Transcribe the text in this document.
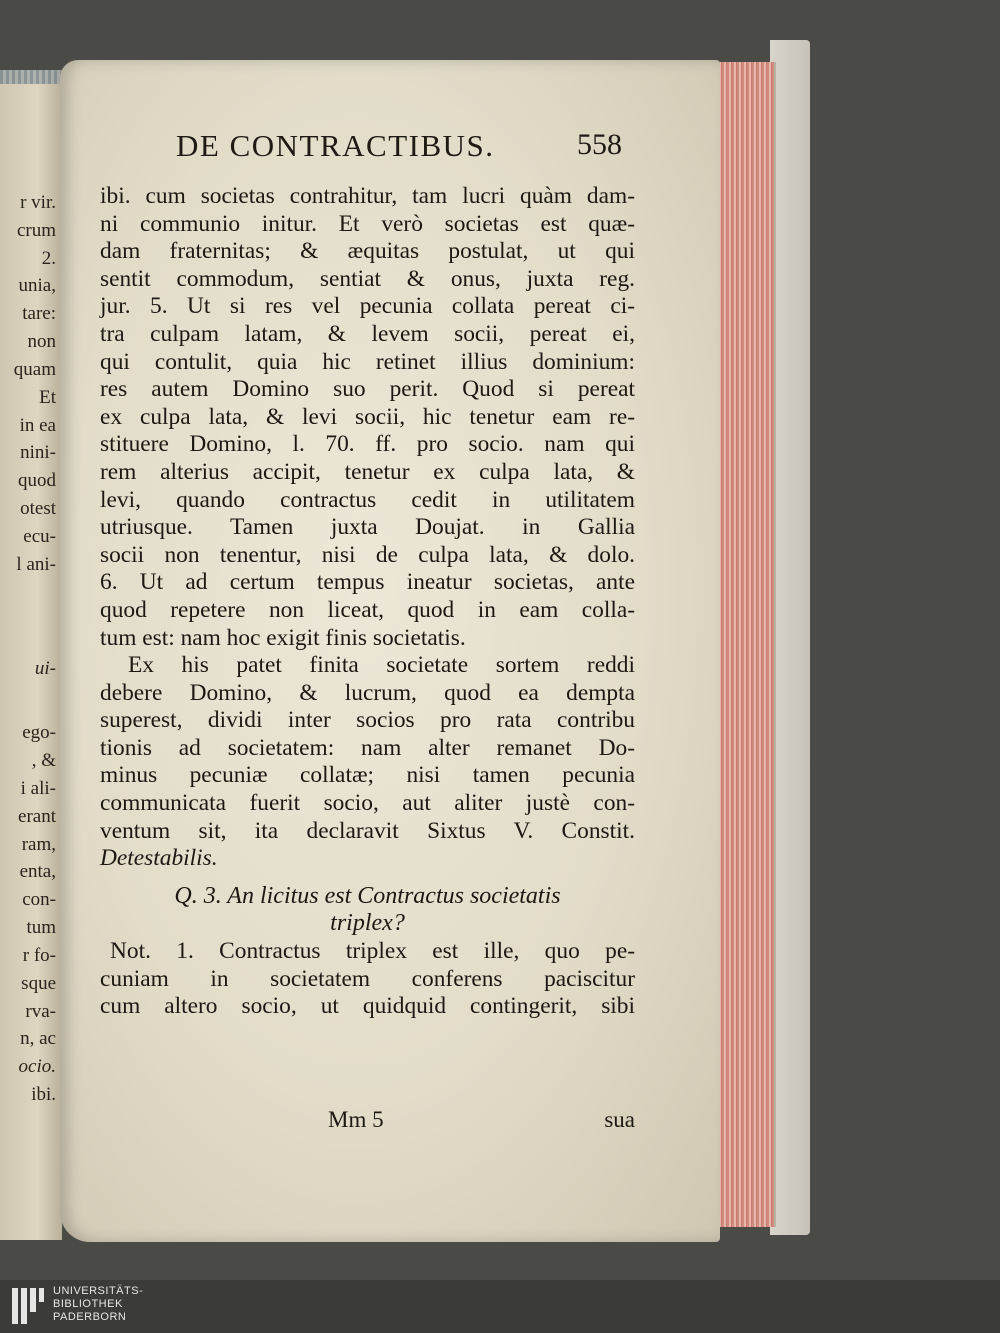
r vir.
crum
2.
unia,
tare:
non
quam
Et
in ea
nini-
quod
otest
ecu-
l ani-
ui-
ego-
, &
i ali-
erant
ram,
enta,
con-
tum
r fo-
sque
rva-
n, ac
ocio.
ibi.
DE CONTRACTIBUS.	558
ibi. cum societas contrahitur, tam lucri quàm dam-
ni communio initur. Et verò societas est quæ-
dam fraternitas; & æquitas postulat, ut qui
sentit commodum, sentiat & onus, juxta reg.
jur. 5. Ut si res vel pecunia collata pereat ci-
tra culpam latam, & levem socii, pereat ei,
qui contulit, quia hic retinet illius dominium:
res autem Domino suo perit. Quod si pereat
ex culpa lata, & levi socii, hic tenetur eam re-
stituere Domino, l. 70. ff. pro socio. nam qui
rem alterius accipit, tenetur ex culpa lata, &
levi, quando contractus cedit in utilitatem
utriusque. Tamen juxta Doujat. in Gallia
socii non tenentur, nisi de culpa lata, & dolo.
6. Ut ad certum tempus ineatur societas, ante
quod repetere non liceat, quod in eam colla-
tum est: nam hoc exigit finis societatis.
Ex his patet finita societate sortem reddi
debere Domino, & lucrum, quod ea dempta
superest, dividi inter socios pro rata contribu
tionis ad societatem: nam alter remanet Do-
minus pecuniæ collatæ; nisi tamen pecunia
communicata fuerit socio, aut aliter justè con-
ventum sit, ita declaravit Sixtus V. Constit.
Detestabilis.
Q. 3. An licitus est Contractus societatis
triplex?
Not. 1. Contractus triplex est ille, quo pe-
cuniam in societatem conferens paciscitur
cum altero socio, ut quidquid contingerit, sibi
Mm 5	sua
UNIVERSITÄTS-
BIBLIOTHEK
PADERBORN
